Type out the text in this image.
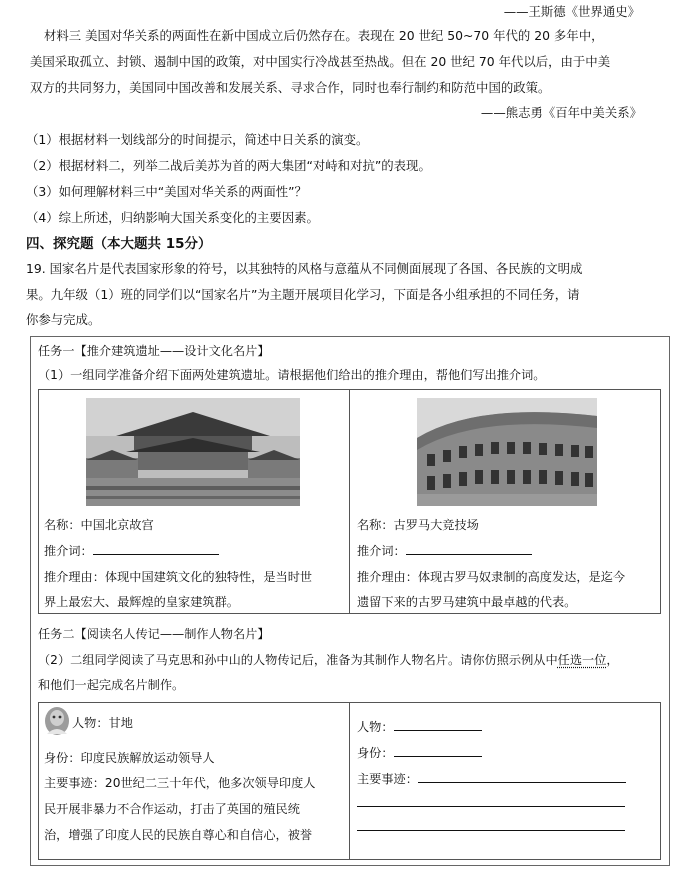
——王斯德《世界通史》
材料三 美国对华关系的两面性在新中国成立后仍然存在。表现在 20 世纪 50~70 年代的 20 多年中，
美国采取孤立、封锁、遏制中国的政策，对中国实行冷战甚至热战。但在 20 世纪 70 年代以后，由于中美
双方的共同努力，美国同中国改善和发展关系、寻求合作，同时也奉行制约和防范中国的政策。
——熊志勇《百年中美关系》
（1）根据材料一划线部分的时间提示，简述中日关系的演变。
（2）根据材料二，列举二战后美苏为首的两大集团“对峙和对抗”的表现。
（3）如何理解材料三中“美国对华关系的两面性”？
（4）综上所述，归纳影响大国关系变化的主要因素。
四、探究题（本大题共 15分）
19. 国家名片是代表国家形象的符号，以其独特的风格与意蕴从不同侧面展现了各国、各民族的文明成
果。九年级（1）班的同学们以“国家名片”为主题开展项目化学习，下面是各小组承担的不同任务，请
你参与完成。
任务一【推介建筑遗址——设计文化名片】
（1）一组同学准备介绍下面两处建筑遗址。请根据他们给出的推介理由，帮他们写出推介词。
名称：中国北京故宫
推介词：
推介理由：体现中国建筑文化的独特性，是当时世
界上最宏大、最辉煌的皇家建筑群。
名称：古罗马大竞技场
推介词：
推介理由：体现古罗马奴隶制的高度发达，是迄今
遗留下来的古罗马建筑中最卓越的代表。
任务二【阅读名人传记——制作人物名片】
（2）二组同学阅读了马克思和孙中山的人物传记后，准备为其制作人物名片。请你仿照示例从中任选一位，
和他们一起完成名片制作。
人物：甘地
身份：印度民族解放运动领导人
主要事迹：20世纪二三十年代，他多次领导印度人
民开展非暴力不合作运动，打击了英国的殖民统
治，增强了印度人民的民族自尊心和自信心，被誉
人物：
身份：
主要事迹：
